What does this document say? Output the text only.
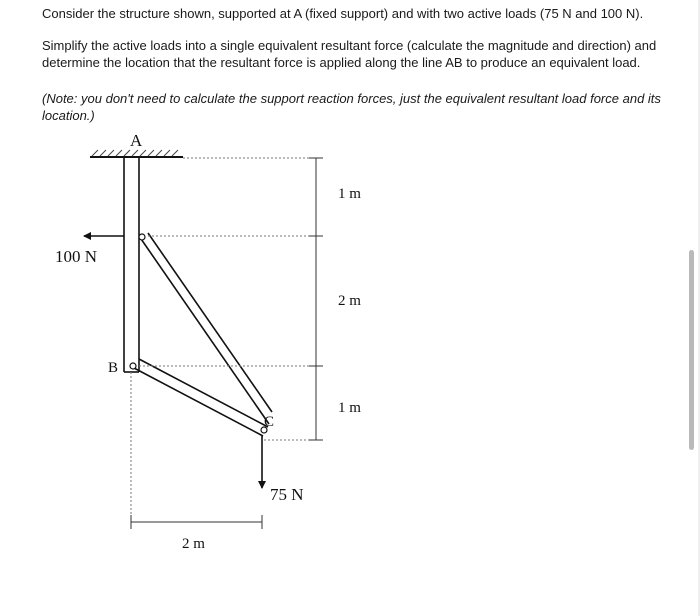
Consider the structure shown, supported at A (fixed support) and with two active loads (75 N and 100 N).

Simplify the active loads into a single equivalent resultant force (calculate the magnitude and direction) and determine the location that the resultant force is applied along the line AB to produce an equivalent load.

(Note: you don't need to calculate the support reaction forces, just the equivalent resultant load force and its location.)

A
B
C
100 N
75 N
1 m
2 m
1 m
2 m
